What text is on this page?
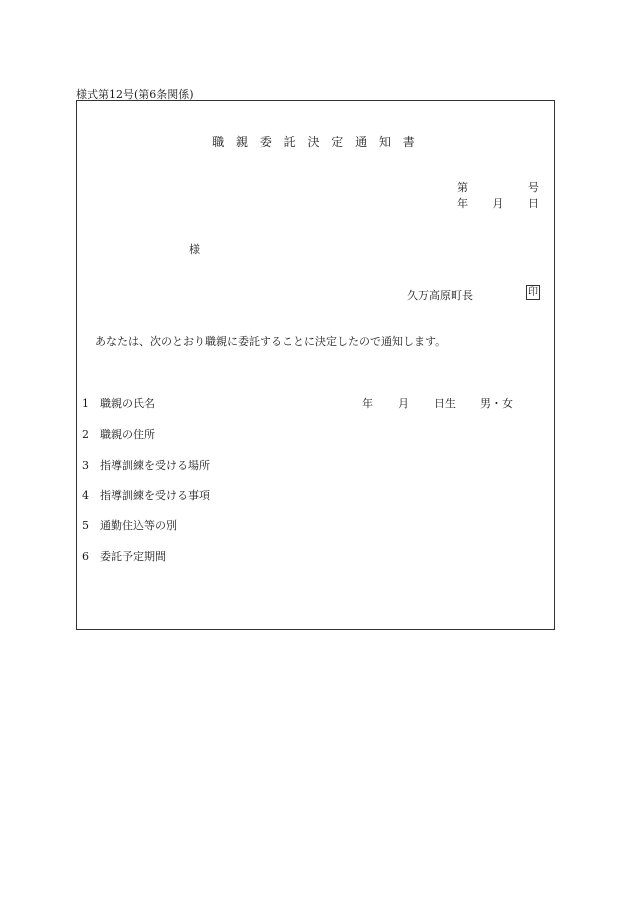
様式第12号(第6条関係)
職 親 委 託 決 定 通 知 書
第	号
年 月 日
様
久万高原町長	印
あなたは、次のとおり職親に委託することに決定したので通知します。
1 職親の氏名	年 月 日生 男・女
2 職親の住所
3 指導訓練を受ける場所
4 指導訓練を受ける事項
5 通勤住込等の別
6 委託予定期間
